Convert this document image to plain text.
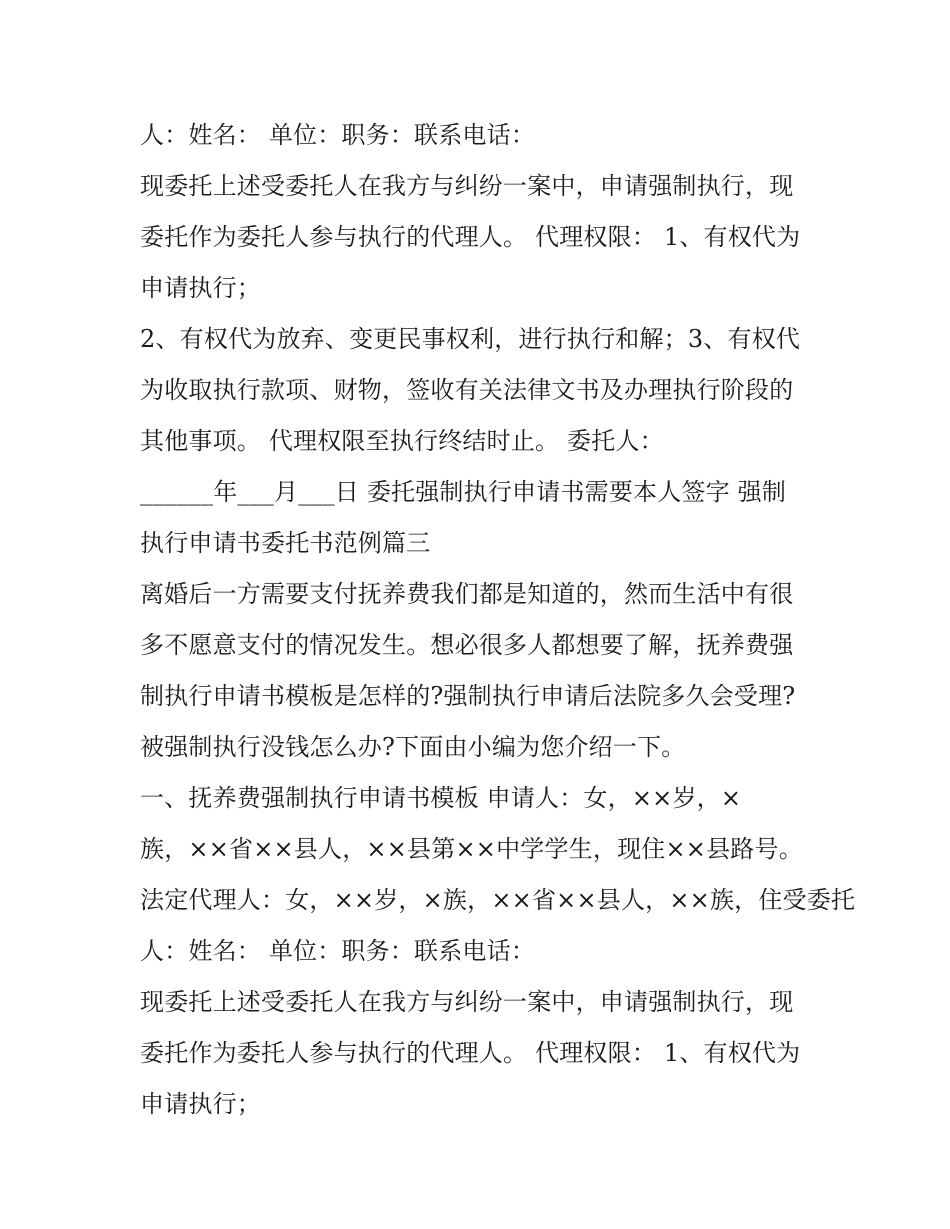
人：姓名： 单位：职务：联系电话：
现委托上述受委托人在我方与纠纷一案中，申请强制执行，现
委托作为委托人参与执行的代理人。 代理权限： 1、有权代为
申请执行；
2、有权代为放弃、变更民事权利，进行执行和解；3、有权代
为收取执行款项、财物，签收有关法律文书及办理执行阶段的
其他事项。 代理权限至执行终结时止。 委托人：
______年___月___日 委托强制执行申请书需要本人签字 强制
执行申请书委托书范例篇三
离婚后一方需要支付抚养费我们都是知道的，然而生活中有很
多不愿意支付的情况发生。想必很多人都想要了解，抚养费强
制执行申请书模板是怎样的?强制执行申请后法院多久会受理?
被强制执行没钱怎么办?下面由小编为您介绍一下。
一、抚养费强制执行申请书模板 申请人：女，××岁，×
族，××省××县人，××县第××中学学生，现住××县路号。
法定代理人：女，××岁，×族，××省××县人，××族，住受委托
人：姓名： 单位：职务：联系电话：
现委托上述受委托人在我方与纠纷一案中，申请强制执行，现
委托作为委托人参与执行的代理人。 代理权限： 1、有权代为
申请执行；
